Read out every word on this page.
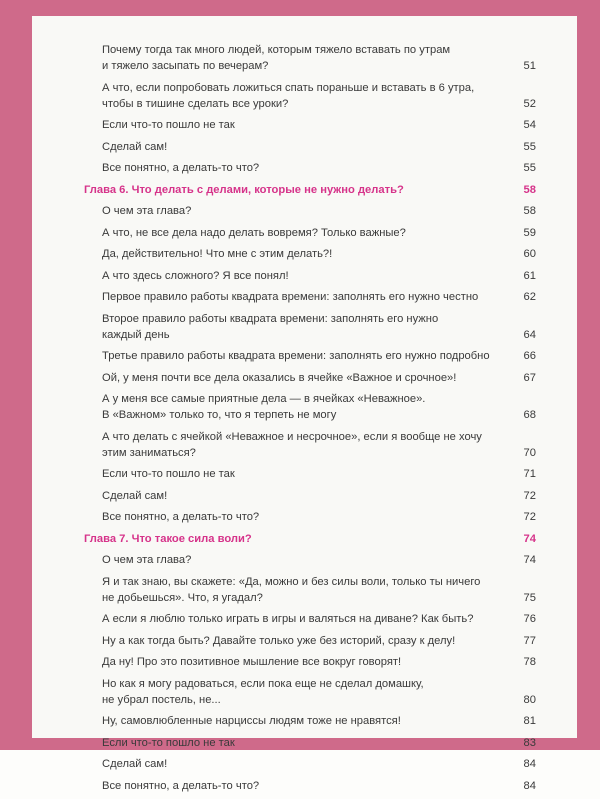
Почему тогда так много людей, которым тяжело вставать по утрам
и тяжело засыпать по вечерам?	51
А что, если попробовать ложиться спать пораньше и вставать в 6 утра,
чтобы в тишине сделать все уроки?	52
Если что-то пошло не так	54
Сделай сам!	55
Все понятно, а делать-то что?	55
Глава 6. Что делать с делами, которые не нужно делать?	58
О чем эта глава?	58
А что, не все дела надо делать вовремя? Только важные?	59
Да, действительно! Что мне с этим делать?!	60
А что здесь сложного? Я все понял!	61
Первое правило работы квадрата времени: заполнять его нужно честно	62
Второе правило работы квадрата времени: заполнять его нужно
каждый день	64
Третье правило работы квадрата времени: заполнять его нужно подробно	66
Ой, у меня почти все дела оказались в ячейке «Важное и срочное»!	67
А у меня все самые приятные дела — в ячейках «Неважное».
В «Важном» только то, что я терпеть не могу	68
А что делать с ячейкой «Неважное и несрочное», если я вообще не хочу
этим заниматься?	70
Если что-то пошло не так	71
Сделай сам!	72
Все понятно, а делать-то что?	72
Глава 7. Что такое сила воли?	74
О чем эта глава?	74
Я и так знаю, вы скажете: «Да, можно и без силы воли, только ты ничего
не добьешься». Что, я угадал?	75
А если я люблю только играть в игры и валяться на диване? Как быть?	76
Ну а как тогда быть? Давайте только уже без историй, сразу к делу!	77
Да ну! Про это позитивное мышление все вокруг говорят!	78
Но как я могу радоваться, если пока еще не сделал домашку,
не убрал постель, не...	80
Ну, самовлюбленные нарциссы людям тоже не нравятся!	81
Если что-то пошло не так	83
Сделай сам!	84
Все понятно, а делать-то что?	84
